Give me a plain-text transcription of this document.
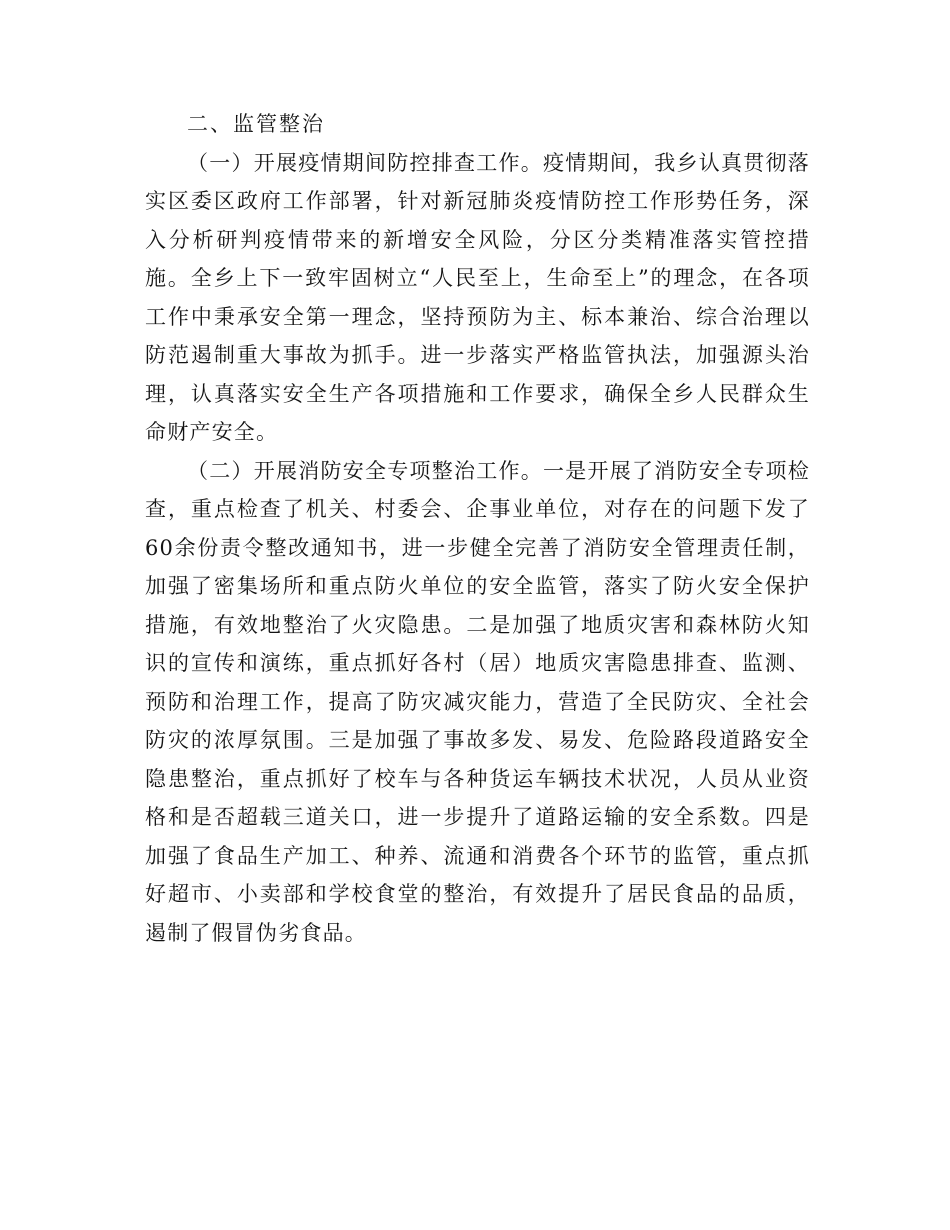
二、监管整治

（一）开展疫情期间防控排查工作。疫情期间，我乡认真贯彻落实区委区政府工作部署，针对新冠肺炎疫情防控工作形势任务，深入分析研判疫情带来的新增安全风险，分区分类精准落实管控措施。全乡上下一致牢固树立“人民至上，生命至上”的理念，在各项工作中秉承安全第一理念，坚持预防为主、标本兼治、综合治理以防范遏制重大事故为抓手。进一步落实严格监管执法，加强源头治理，认真落实安全生产各项措施和工作要求，确保全乡人民群众生命财产安全。

（二）开展消防安全专项整治工作。一是开展了消防安全专项检查，重点检查了机关、村委会、企事业单位，对存在的问题下发了60余份责令整改通知书，进一步健全完善了消防安全管理责任制，加强了密集场所和重点防火单位的安全监管，落实了防火安全保护措施，有效地整治了火灾隐患。二是加强了地质灾害和森林防火知识的宣传和演练，重点抓好各村（居）地质灾害隐患排查、监测、预防和治理工作，提高了防灾减灾能力，营造了全民防灾、全社会防灾的浓厚氛围。三是加强了事故多发、易发、危险路段道路安全隐患整治，重点抓好了校车与各种货运车辆技术状况，人员从业资格和是否超载三道关口，进一步提升了道路运输的安全系数。四是加强了食品生产加工、种养、流通和消费各个环节的监管，重点抓好超市、小卖部和学校食堂的整治，有效提升了居民食品的品质，遏制了假冒伪劣食品。
